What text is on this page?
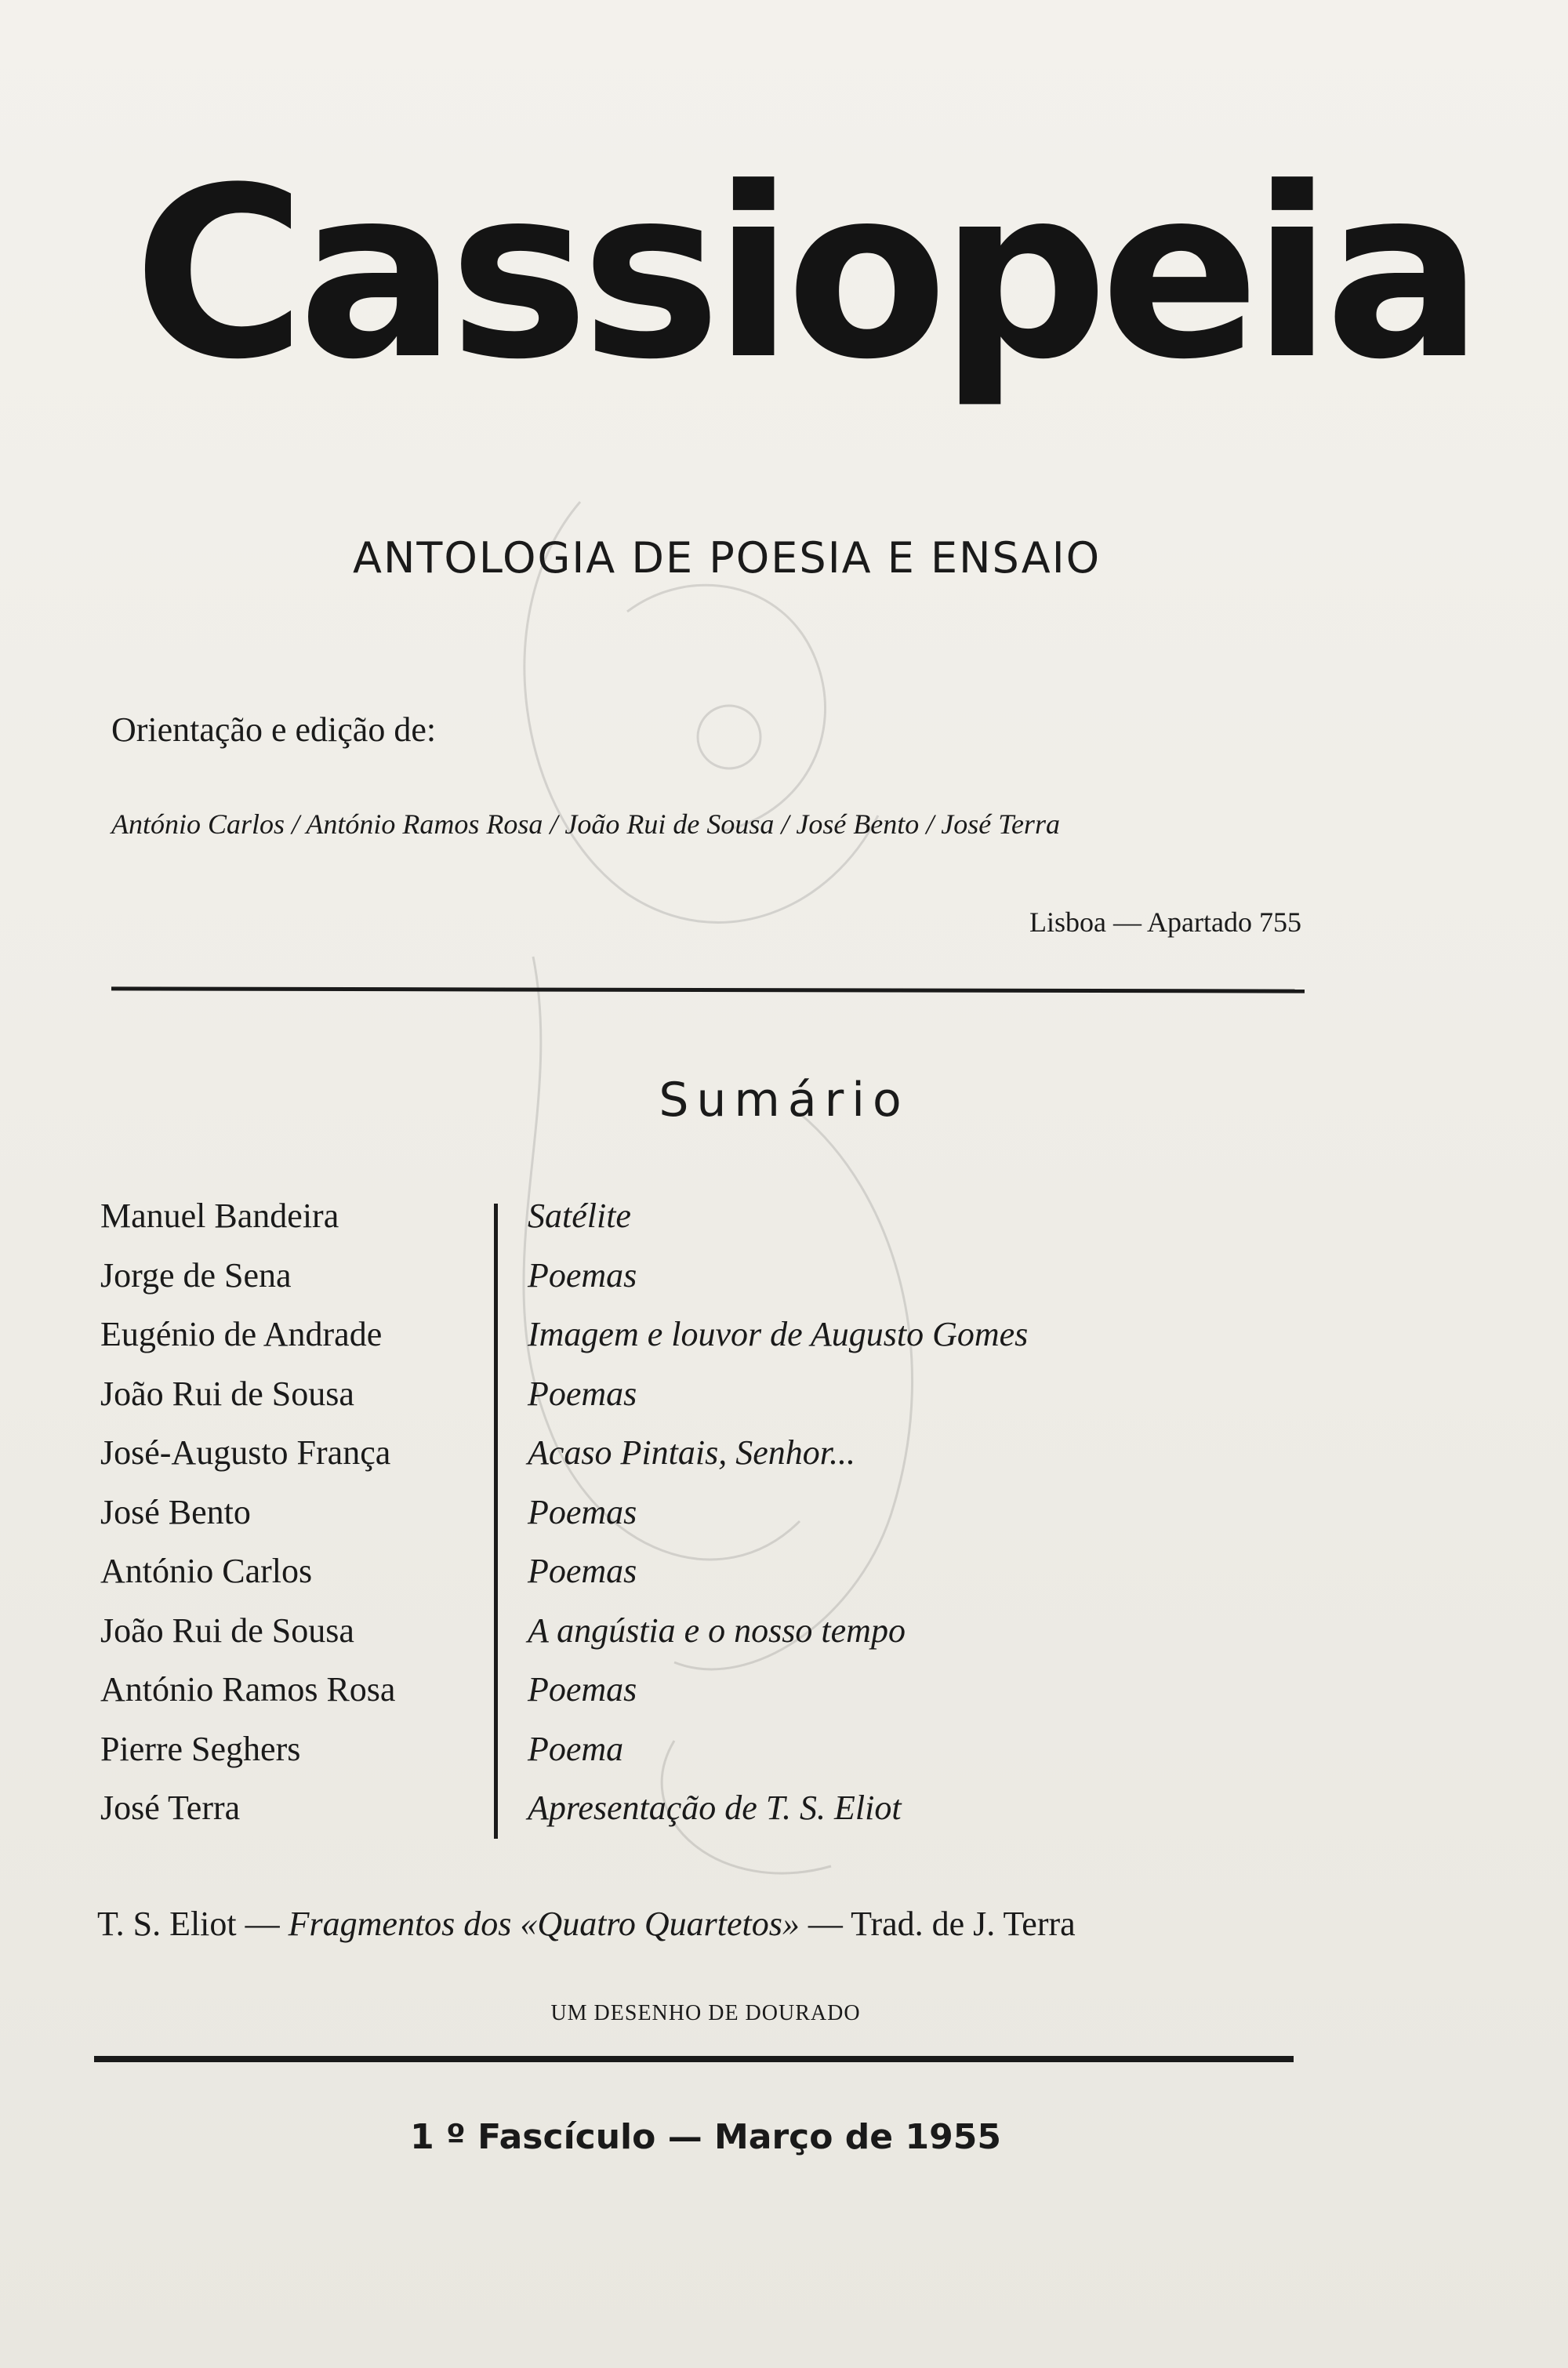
Cassiopeia
ANTOLOGIA DE POESIA E ENSAIO
Orientação e edição de:
António Carlos / António Ramos Rosa / João Rui de Sousa / José Bento / José Terra
Lisboa — Apartado 755
Sumário
Manuel Bandeira	Satélite
Jorge de Sena	Poemas
Eugénio de Andrade	Imagem e louvor de Augusto Gomes
João Rui de Sousa	Poemas
José-Augusto França	Acaso Pintais, Senhor...
José Bento	Poemas
António Carlos	Poemas
João Rui de Sousa	A angústia e o nosso tempo
António Ramos Rosa	Poemas
Pierre Seghers	Poema
José Terra	Apresentação de T. S. Eliot
T. S. Eliot — Fragmentos dos «Quatro Quartetos» — Trad. de J. Terra
UM DESENHO DE DOURADO
1 º Fascículo — Março de 1955
